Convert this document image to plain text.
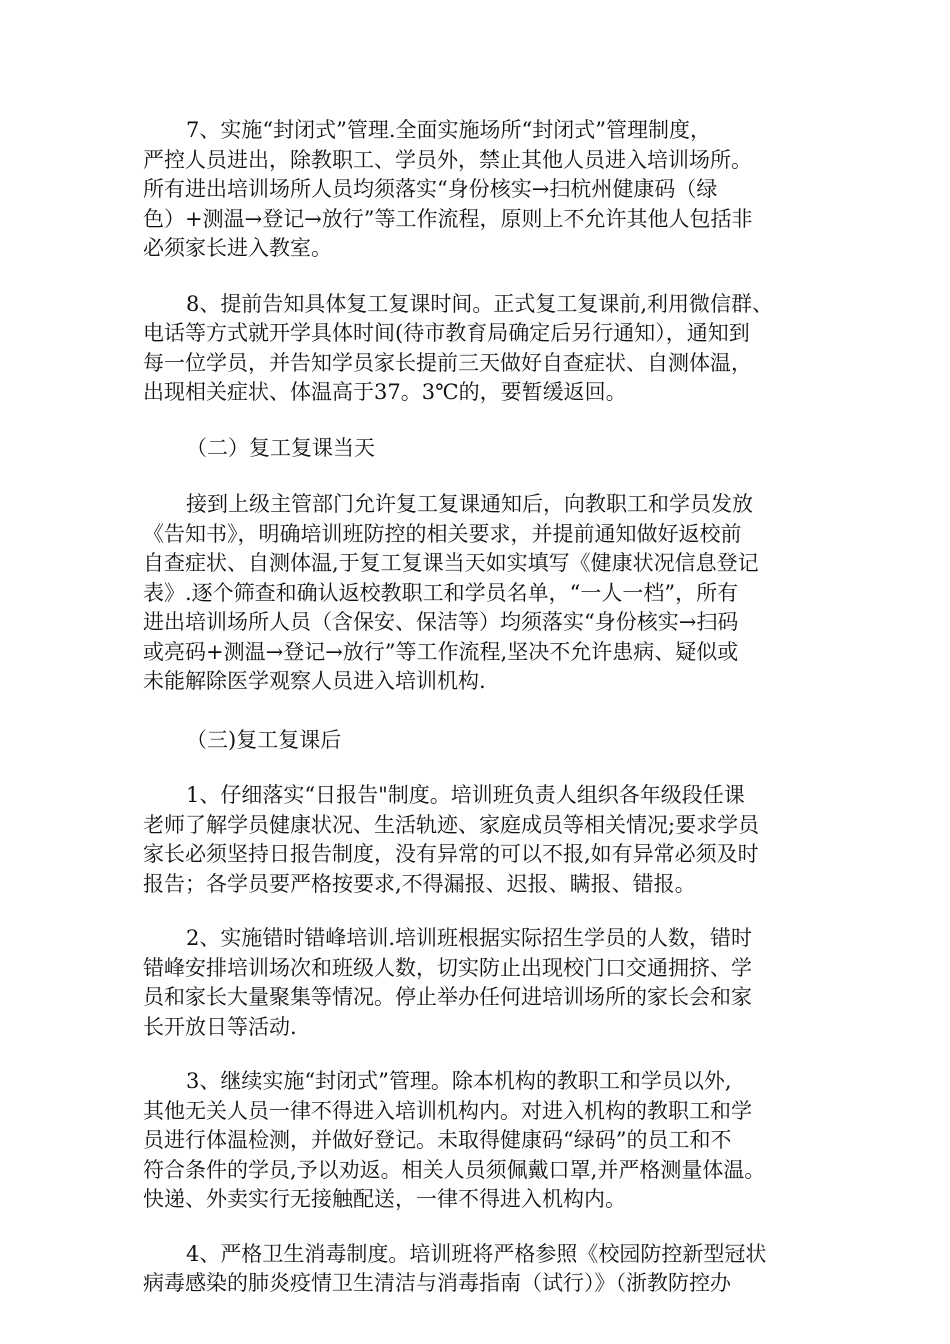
7、实施“封闭式”管理.全面实施场所“封闭式”管理制度，
严控人员进出，除教职工、学员外，禁止其他人员进入培训场所。
所有进出培训场所人员均须落实“身份核实→扫杭州健康码（绿
色）+测温→登记→放行”等工作流程，原则上不允许其他人包括非
必须家长进入教室。

8、提前告知具体复工复课时间。正式复工复课前,利用微信群、
电话等方式就开学具体时间(待市教育局确定后另行通知），通知到
每一位学员，并告知学员家长提前三天做好自查症状、自测体温，
出现相关症状、体温高于37。3℃的，要暂缓返回。

（二）复工复课当天

接到上级主管部门允许复工复课通知后，向教职工和学员发放
《告知书》，明确培训班防控的相关要求，并提前通知做好返校前
自查症状、自测体温,于复工复课当天如实填写《健康状况信息登记
表》.逐个筛查和确认返校教职工和学员名单，“一人一档”，所有
进出培训场所人员（含保安、保洁等）均须落实“身份核实→扫码
或亮码+测温→登记→放行”等工作流程,坚决不允许患病、疑似或
未能解除医学观察人员进入培训机构.

（三)复工复课后

1、仔细落实“日报告"制度。培训班负责人组织各年级段任课
老师了解学员健康状况、生活轨迹、家庭成员等相关情况;要求学员
家长必须坚持日报告制度，没有异常的可以不报,如有异常必须及时
报告；各学员要严格按要求,不得漏报、迟报、瞒报、错报。

2、实施错时错峰培训.培训班根据实际招生学员的人数，错时
错峰安排培训场次和班级人数，切实防止出现校门口交通拥挤、学
员和家长大量聚集等情况。停止举办任何进培训场所的家长会和家
长开放日等活动.

3、继续实施“封闭式”管理。除本机构的教职工和学员以外,
其他无关人员一律不得进入培训机构内。对进入机构的教职工和学
员进行体温检测，并做好登记。未取得健康码“绿码”的员工和不
符合条件的学员,予以劝返。相关人员须佩戴口罩,并严格测量体温。
快递、外卖实行无接触配送，一律不得进入机构内。

4、严格卫生消毒制度。培训班将严格参照《校园防控新型冠状
病毒感染的肺炎疫情卫生清洁与消毒指南（试行）》（浙教防控办
